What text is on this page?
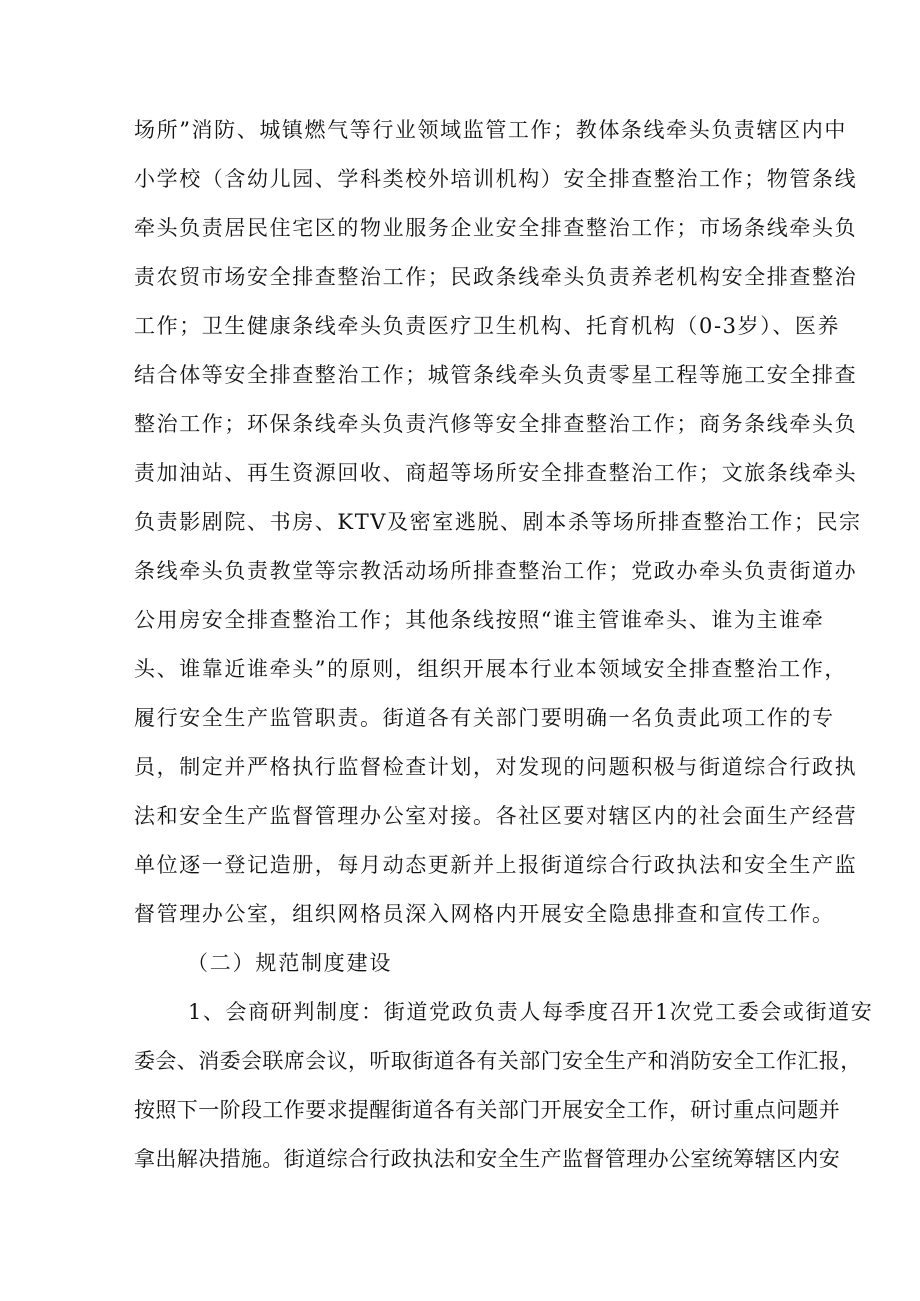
场所”消防、城镇燃气等行业领域监管工作；教体条线牵头负责辖区内中
小学校（含幼儿园、学科类校外培训机构）安全排查整治工作；物管条线
牵头负责居民住宅区的物业服务企业安全排查整治工作；市场条线牵头负
责农贸市场安全排查整治工作；民政条线牵头负责养老机构安全排查整治
工作；卫生健康条线牵头负责医疗卫生机构、托育机构（0-3岁）、医养
结合体等安全排查整治工作；城管条线牵头负责零星工程等施工安全排查
整治工作；环保条线牵头负责汽修等安全排查整治工作；商务条线牵头负
责加油站、再生资源回收、商超等场所安全排查整治工作；文旅条线牵头
负责影剧院、书房、KTV及密室逃脱、剧本杀等场所排查整治工作；民宗
条线牵头负责教堂等宗教活动场所排查整治工作；党政办牵头负责街道办
公用房安全排查整治工作；其他条线按照“谁主管谁牵头、谁为主谁牵
头、谁靠近谁牵头”的原则，组织开展本行业本领域安全排查整治工作，
履行安全生产监管职责。街道各有关部门要明确一名负责此项工作的专
员，制定并严格执行监督检查计划，对发现的问题积极与街道综合行政执
法和安全生产监督管理办公室对接。各社区要对辖区内的社会面生产经营
单位逐一登记造册，每月动态更新并上报街道综合行政执法和安全生产监
督管理办公室，组织网格员深入网格内开展安全隐患排查和宣传工作。
（二）规范制度建设
1、会商研判制度：街道党政负责人每季度召开1次党工委会或街道安
委会、消委会联席会议，听取街道各有关部门安全生产和消防安全工作汇报，
按照下一阶段工作要求提醒街道各有关部门开展安全工作，研讨重点问题并
拿出解决措施。街道综合行政执法和安全生产监督管理办公室统筹辖区内安
